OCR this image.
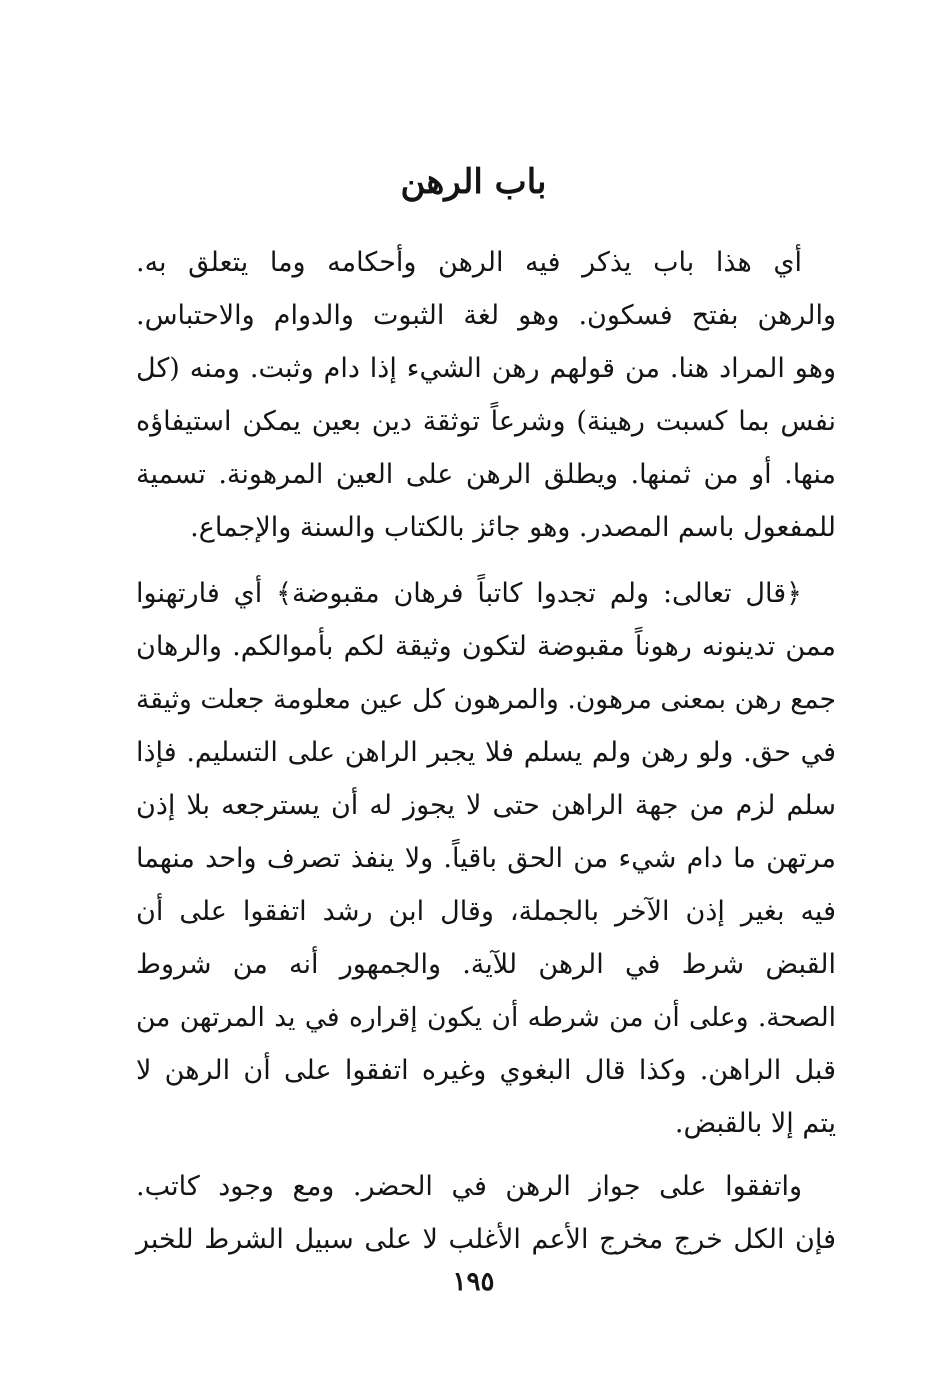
باب الرهن
أي هذا باب يذكر فيه الرهن وأحكامه وما يتعلق به.
والرهن بفتح فسكون. وهو لغة الثبوت والدوام والاحتباس.
وهو المراد هنا. من قولهم رهن الشيء إذا دام وثبت. ومنه (كل
نفس بما كسبت رهينة) وشرعاً توثقة دين بعين يمكن استيفاؤه
منها. أو من ثمنها. ويطلق الرهن على العين المرهونة. تسمية
للمفعول باسم المصدر. وهو جائز بالكتاب والسنة والإجماع.
﴿قال تعالى: ولم تجدوا كاتباً فرهان مقبوضة﴾ أي فارتهنوا
ممن تدينونه رهوناً مقبوضة لتكون وثيقة لكم بأموالكم. والرهان
جمع رهن بمعنى مرهون. والمرهون كل عين معلومة جعلت وثيقة
في حق. ولو رهن ولم يسلم فلا يجبر الراهن على التسليم. فإذا
سلم لزم من جهة الراهن حتى لا يجوز له أن يسترجعه بلا إذن
مرتهن ما دام شيء من الحق باقياً. ولا ينفذ تصرف واحد منهما
فيه بغير إذن الآخر بالجملة، وقال ابن رشد اتفقوا على أن
القبض شرط في الرهن للآية. والجمهور أنه من شروط
الصحة. وعلى أن من شرطه أن يكون إقراره في يد المرتهن من
قبل الراهن. وكذا قال البغوي وغيره اتفقوا على أن الرهن لا
يتم إلا بالقبض.
واتفقوا على جواز الرهن في الحضر. ومع وجود كاتب.
فإن الكل خرج مخرج الأعم الأغلب لا على سبيل الشرط للخبر
١٩٥
